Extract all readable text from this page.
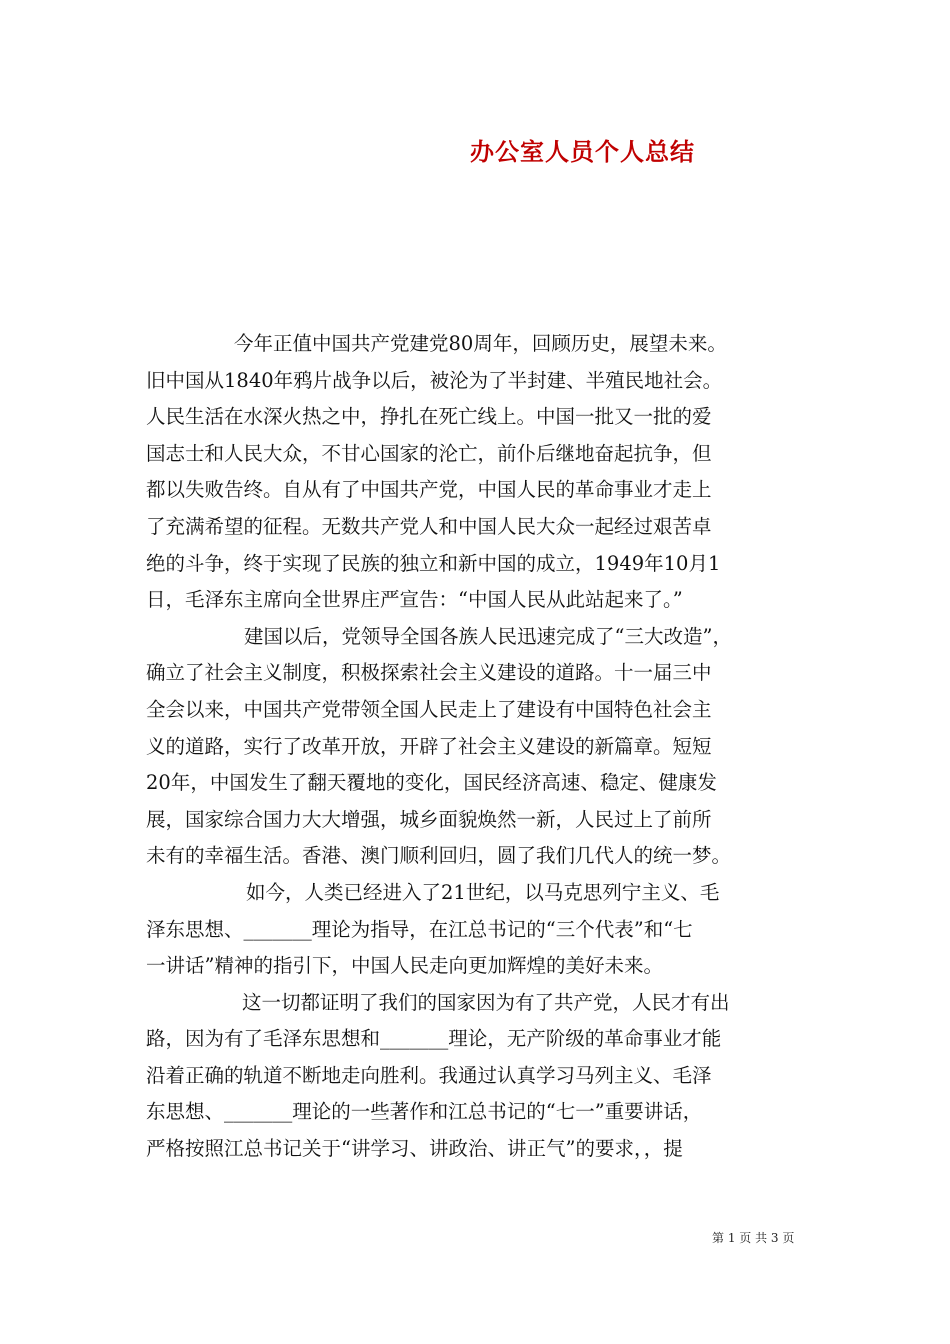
办公室人员个人总结
今年正值中国共产党建党80周年，回顾历史，展望未来。
旧中国从1840年鸦片战争以后，被沦为了半封建、半殖民地社会。
人民生活在水深火热之中，挣扎在死亡线上。中国一批又一批的爱
国志士和人民大众，不甘心国家的沦亡，前仆后继地奋起抗争，但
都以失败告终。自从有了中国共产党，中国人民的革命事业才走上
了充满希望的征程。无数共产党人和中国人民大众一起经过艰苦卓
绝的斗争，终于实现了民族的独立和新中国的成立，1949年10月1
日，毛泽东主席向全世界庄严宣告：“中国人民从此站起来了。”
建国以后，党领导全国各族人民迅速完成了“三大改造”，
确立了社会主义制度，积极探索社会主义建设的道路。十一届三中
全会以来，中国共产党带领全国人民走上了建设有中国特色社会主
义的道路，实行了改革开放，开辟了社会主义建设的新篇章。短短
20年，中国发生了翻天覆地的变化，国民经济高速、稳定、健康发
展，国家综合国力大大增强，城乡面貌焕然一新，人民过上了前所
未有的幸福生活。香港、澳门顺利回归，圆了我们几代人的统一梦。
如今，人类已经进入了21世纪，以马克思列宁主义、毛
泽东思想、_______理论为指导，在江总书记的“三个代表”和“七
一讲话”精神的指引下，中国人民走向更加辉煌的美好未来。
这一切都证明了我们的国家因为有了共产党，人民才有出
路，因为有了毛泽东思想和_______理论，无产阶级的革命事业才能
沿着正确的轨道不断地走向胜利。我通过认真学习马列主义、毛泽
东思想、_______理论的一些著作和江总书记的“七一”重要讲话，
严格按照江总书记关于“讲学习、讲政治、讲正气”的要求，，提
第 1 页 共 3 页
